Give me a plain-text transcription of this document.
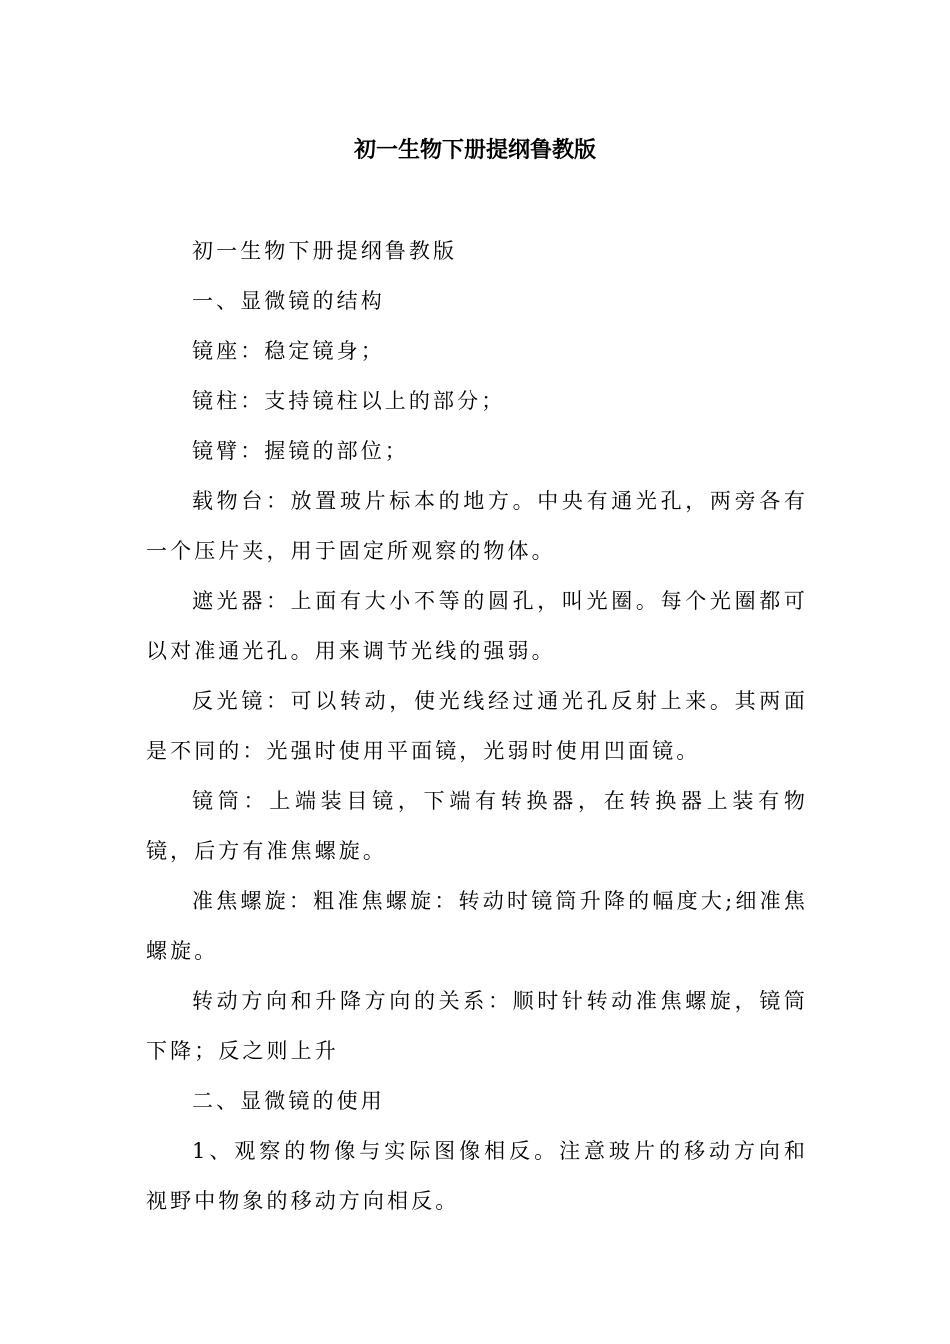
初一生物下册提纲鲁教版

初一生物下册提纲鲁教版

一、显微镜的结构

镜座：稳定镜身；

镜柱：支持镜柱以上的部分；

镜臂：握镜的部位；

载物台：放置玻片标本的地方。中央有通光孔，两旁各有一个压片夹，用于固定所观察的物体。

遮光器：上面有大小不等的圆孔，叫光圈。每个光圈都可以对准通光孔。用来调节光线的强弱。

反光镜：可以转动，使光线经过通光孔反射上来。其两面是不同的：光强时使用平面镜，光弱时使用凹面镜。

镜筒：上端装目镜，下端有转换器，在转换器上装有物镜，后方有准焦螺旋。

准焦螺旋：粗准焦螺旋：转动时镜筒升降的幅度大;细准焦螺旋。

转动方向和升降方向的关系：顺时针转动准焦螺旋，镜筒下降；反之则上升

二、显微镜的使用

1、观察的物像与实际图像相反。注意玻片的移动方向和视野中物象的移动方向相反。
